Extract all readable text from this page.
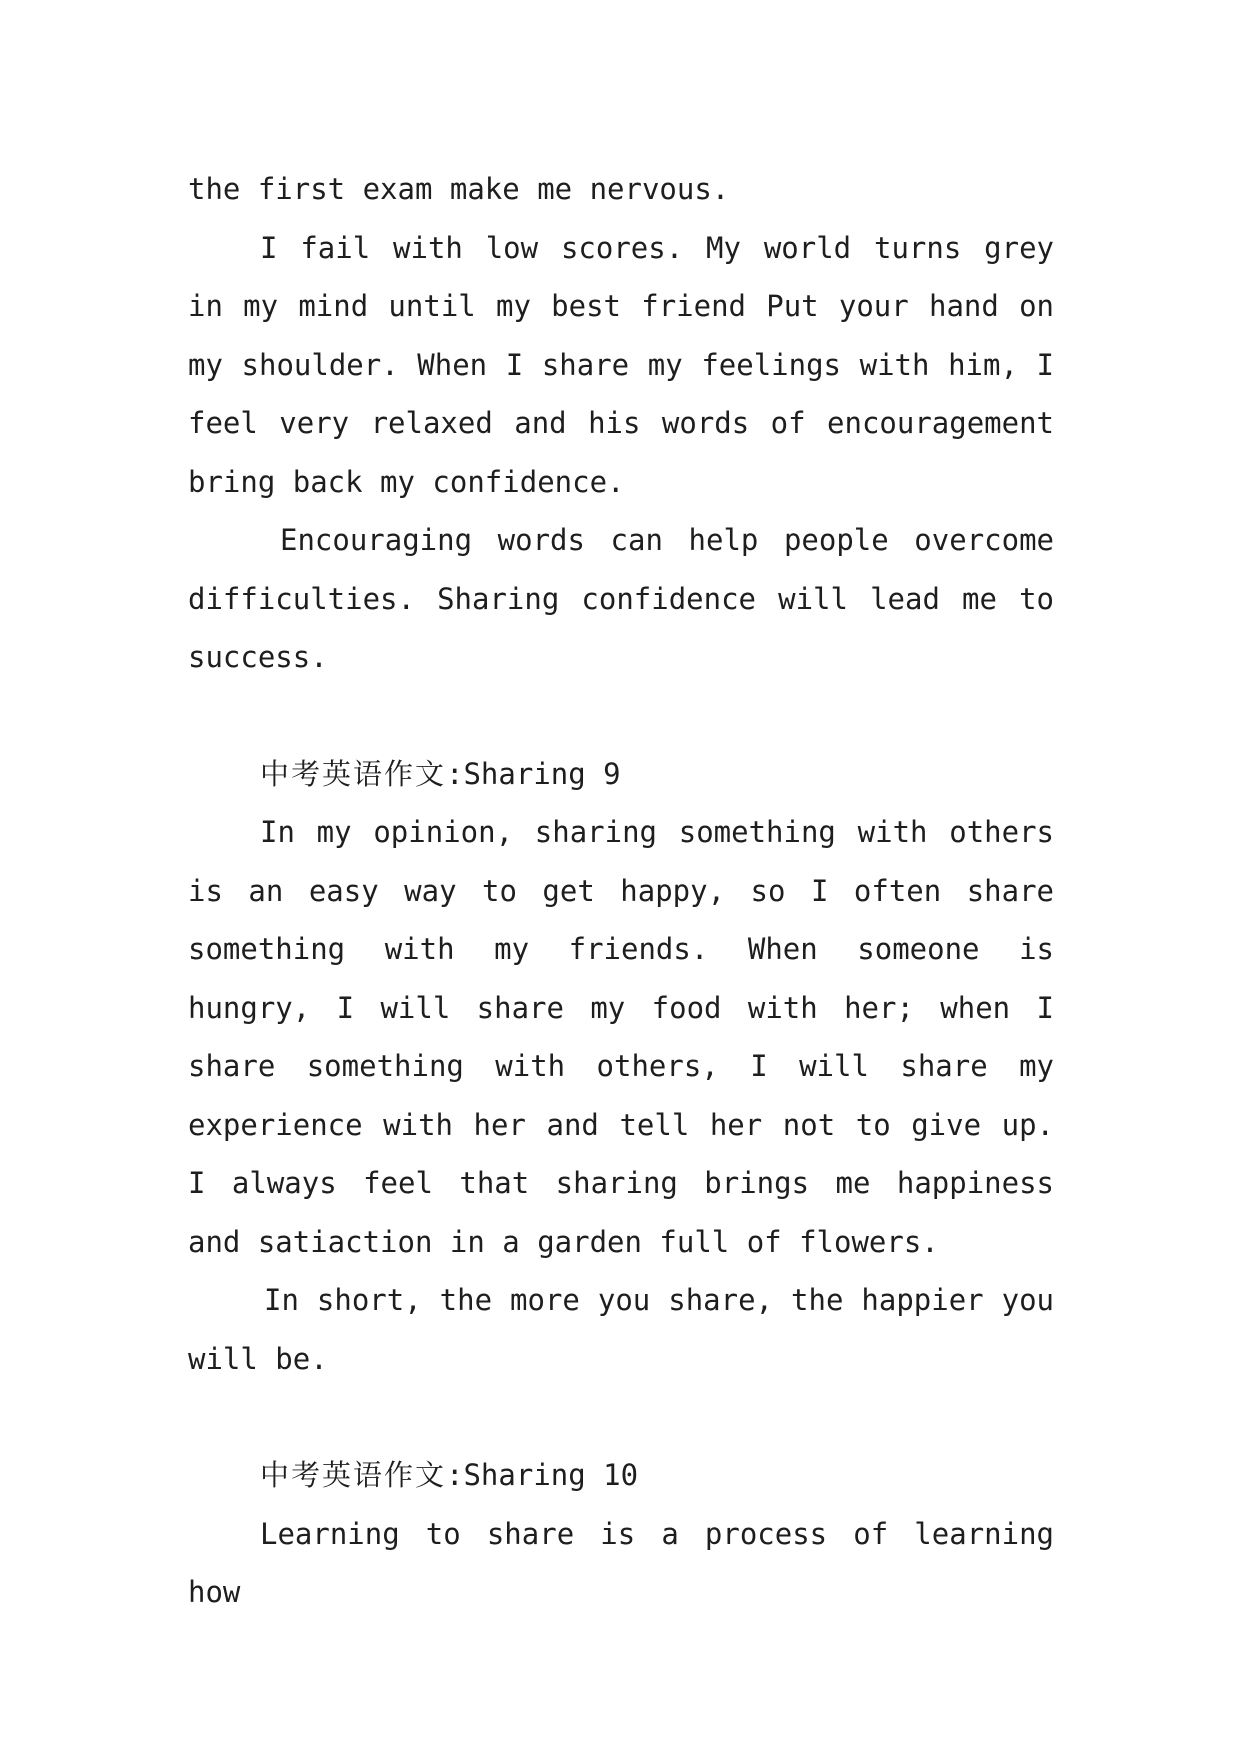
the first exam make me nervous.

I fail with low scores. My world turns grey in my mind until my best friend Put your hand on my shoulder. When I share my feelings with him, I feel very relaxed and his words of encouragement bring back my confidence.

Encouraging words can help people overcome difficulties. Sharing confidence will lead me to success.

中考英语作文:Sharing 9

In my opinion, sharing something with others is an easy way to get happy, so I often share something with my friends. When someone is hungry, I will share my food with her; when I share something with others, I will share my experience with her and tell her not to give up. I always feel that sharing brings me happiness and satiaction in a garden full of flowers.

In short, the more you share, the happier you will be.

中考英语作文:Sharing 10

Learning to share is a process of learning how
